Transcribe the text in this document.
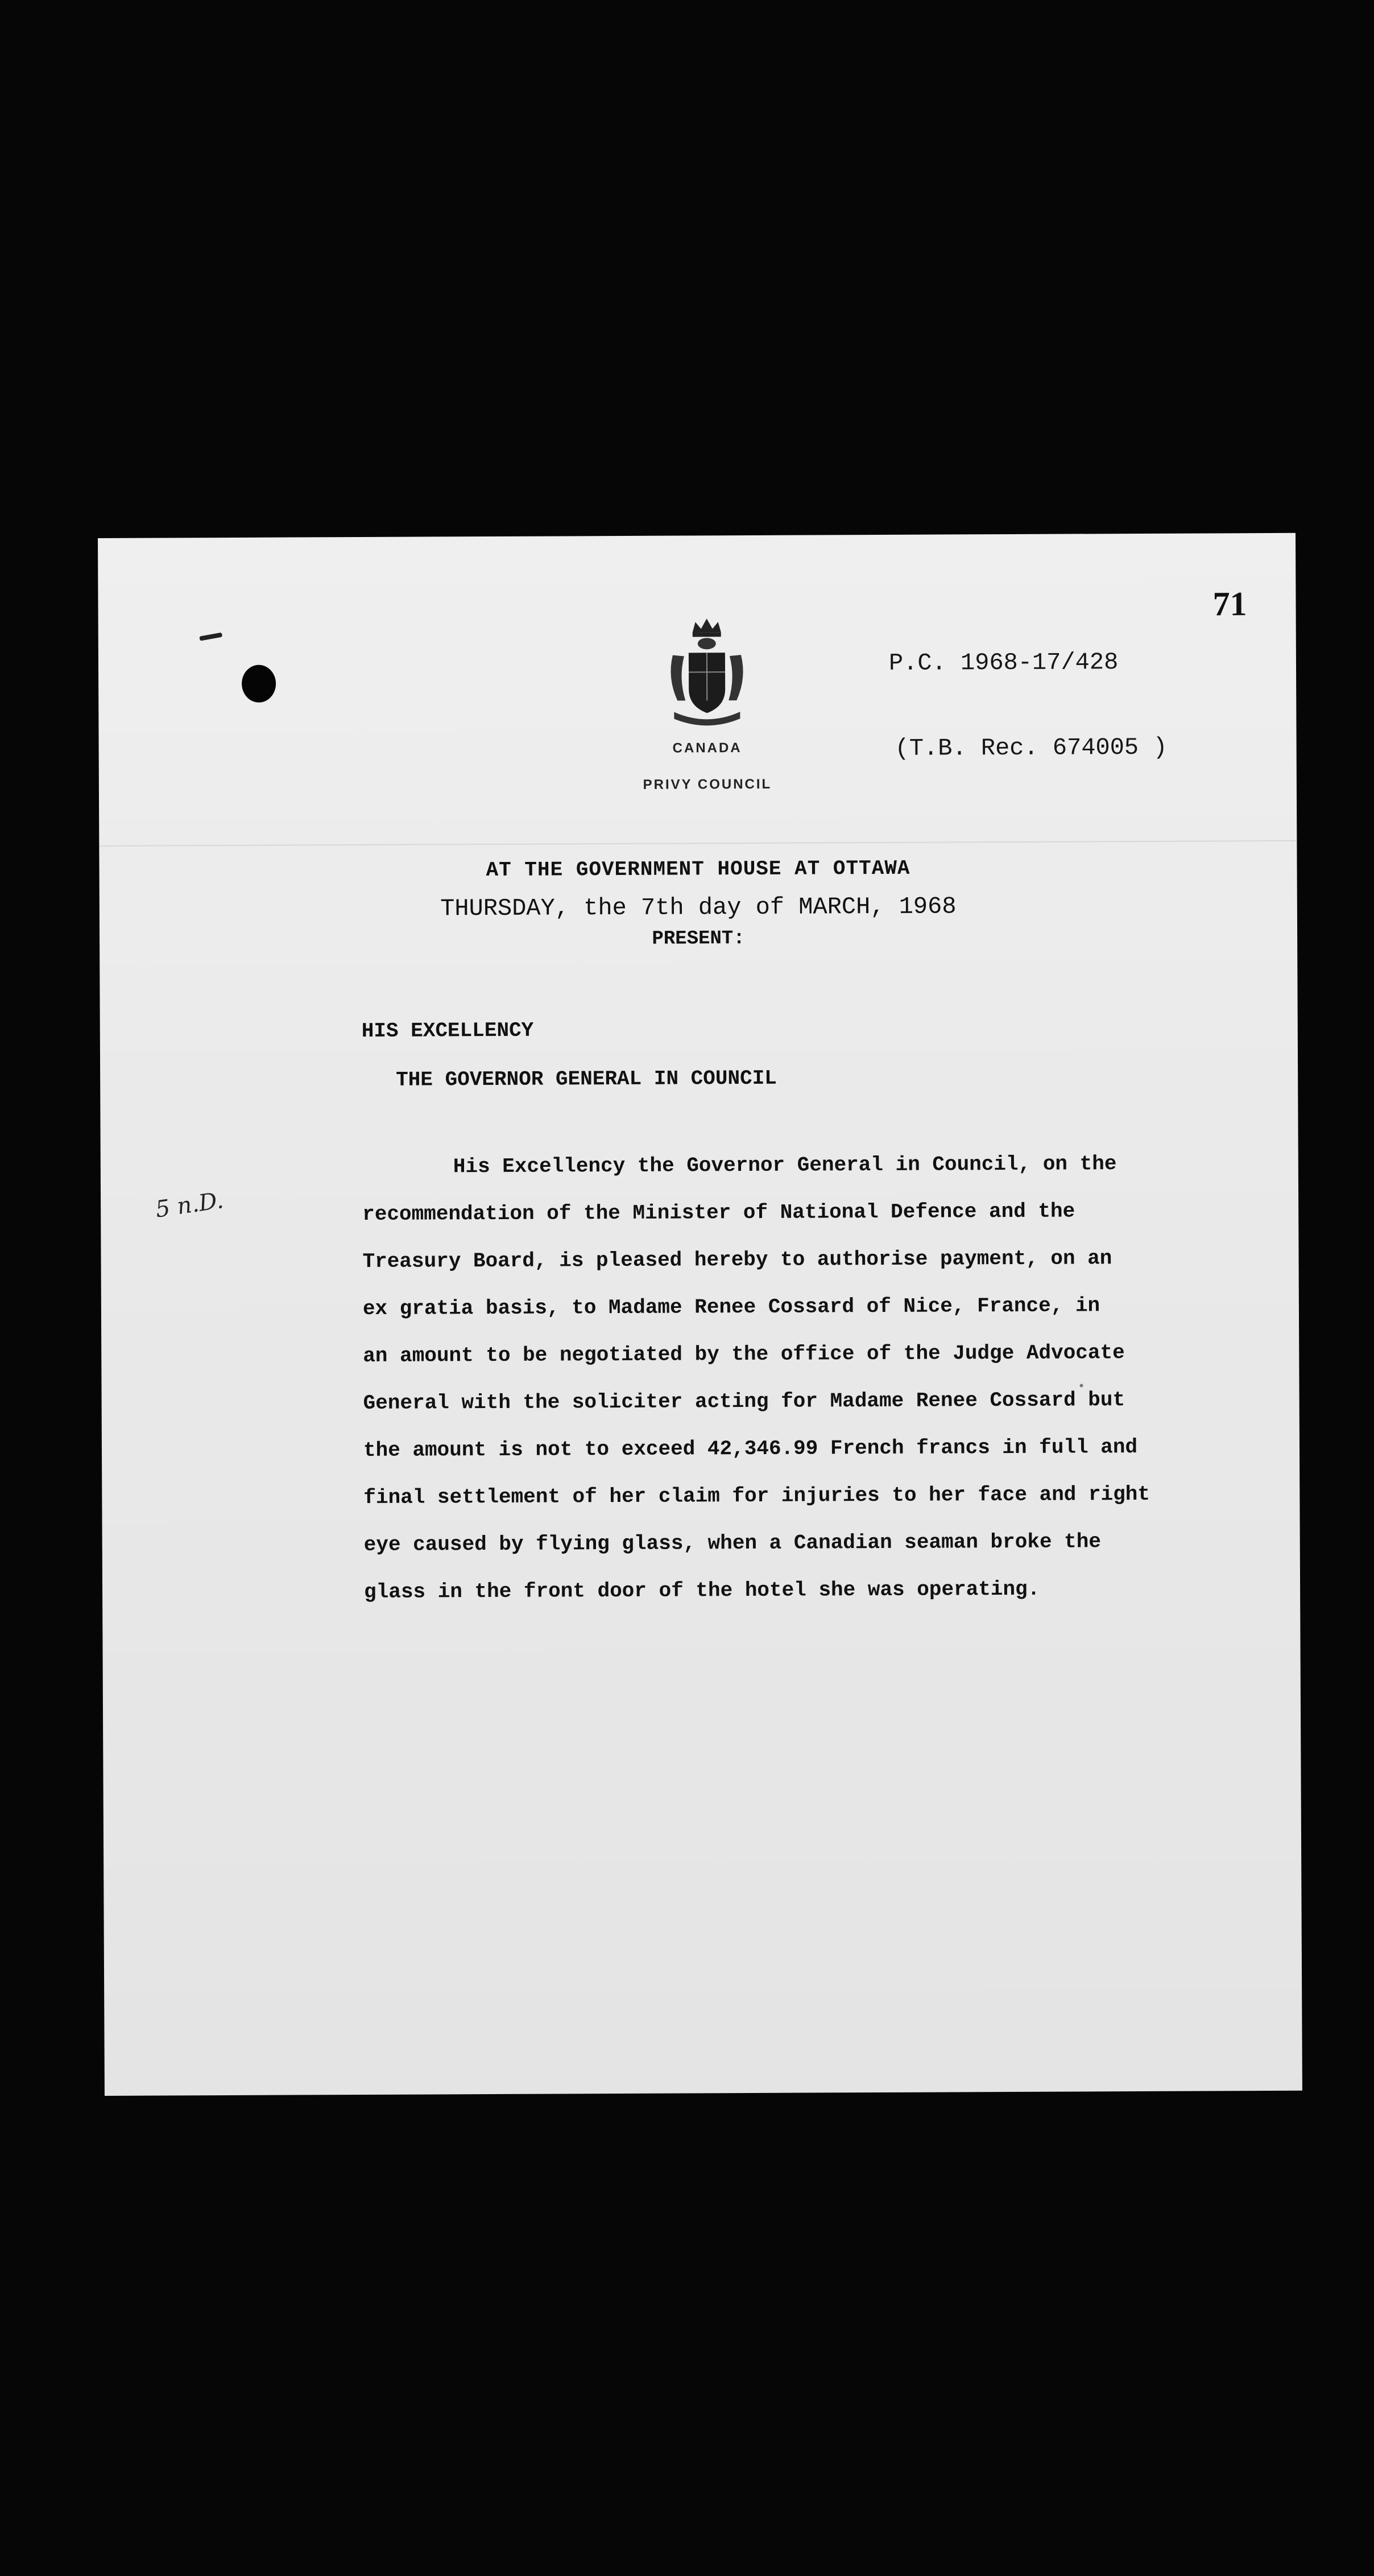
71
CANADA
PRIVY COUNCIL
P.C. 1968-17/428
(T.B. Rec. 674005 )
AT THE GOVERNMENT HOUSE AT OTTAWA
THURSDAY, the 7th day of MARCH, 1968
PRESENT:
HIS EXCELLENCY
THE GOVERNOR GENERAL IN COUNCIL
His Excellency the Governor General in Council, on the
recommendation of the Minister of National Defence and the
Treasury Board, is pleased hereby to authorise payment, on an
ex gratia basis, to Madame Renee Cossard of Nice, France, in
an amount to be negotiated by the office of the Judge Advocate
General with the soliciter acting for Madame Renee Cossard but
the amount is not to exceed 42,346.99 French francs in full and
final settlement of her claim for injuries to her face and right
eye caused by flying glass, when a Canadian seaman broke the
glass in the front door of the hotel she was operating.
5 n.D.
